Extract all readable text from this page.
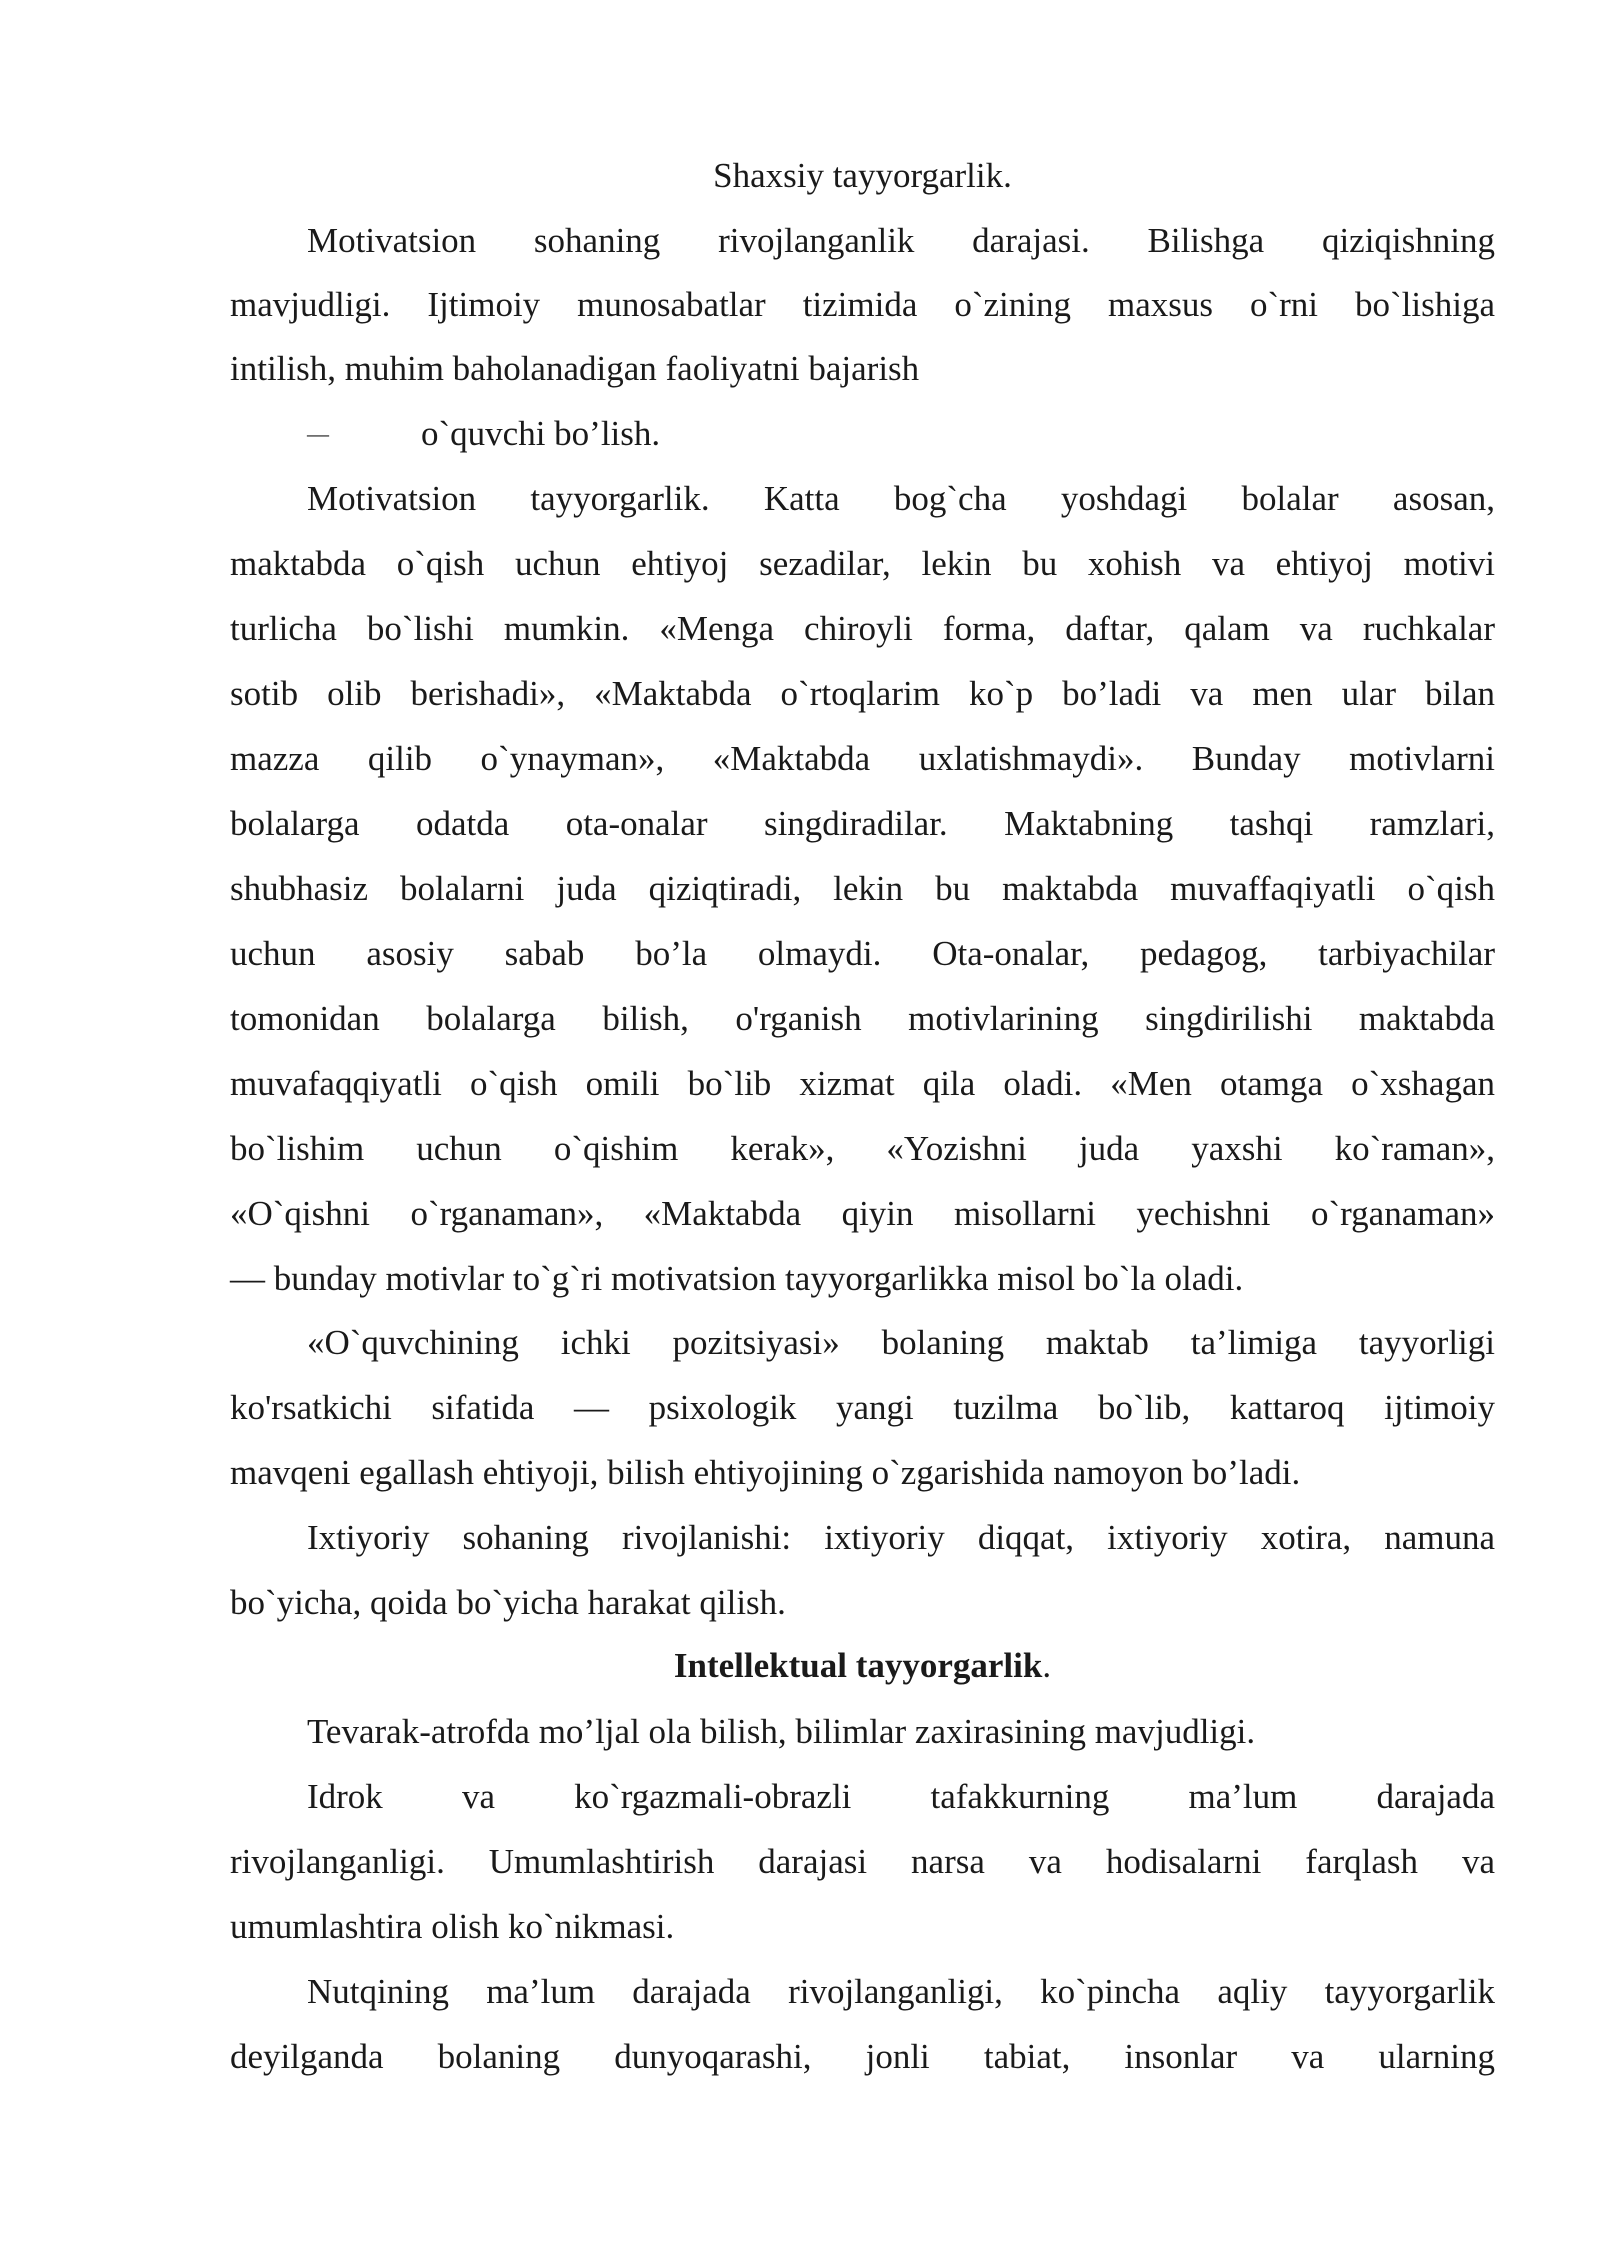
Shaxsiy tayyorgarlik.
Motivatsion sohaning rivojlanganlik darajasi. Bilishga qiziqishning
mavjudligi. Ijtimoiy munosabatlar tizimida o`zining maxsus o`rni bo`lishiga
intilish, muhim baholanadigan faoliyatni bajarish
—	o`quvchi bo’lish.
Motivatsion tayyorgarlik. Katta bog`cha yoshdagi bolalar asosan,
maktabda o`qish uchun ehtiyoj sezadilar, lekin bu xohish va ehtiyoj motivi
turlicha bo`lishi mumkin. «Menga chiroyli forma, daftar, qalam va ruchkalar
sotib olib berishadi», «Maktabda o`rtoqlarim ko`p bo’ladi va men ular bilan
mazza qilib o`ynayman», «Maktabda uxlatishmaydi». Bunday motivlarni
bolalarga odatda ota-onalar singdiradilar. Maktabning tashqi ramzlari,
shubhasiz bolalarni juda qiziqtiradi, lekin bu maktabda muvaffaqiyatli o`qish
uchun asosiy sabab bo’la olmaydi. Ota-onalar, pedagog, tarbiyachilar
tomonidan bolalarga bilish, o'rganish motivlarining singdirilishi maktabda
muvafaqqiyatli o`qish omili bo`lib xizmat qila oladi. «Men otamga o`xshagan
bo`lishim uchun o`qishim kerak», «Yozishni juda yaxshi ko`raman»,
«O`qishni o`rganaman», «Maktabda qiyin misollarni yechishni o`rganaman»
— bunday motivlar to`g`ri motivatsion tayyorgarlikka misol bo`la oladi.
«O`quvchining ichki pozitsiyasi» bolaning maktab ta’limiga tayyorligi
ko'rsatkichi sifatida — psixologik yangi tuzilma bo`lib, kattaroq ijtimoiy
mavqeni egallash ehtiyoji, bilish ehtiyojining o`zgarishida namoyon bo’ladi.
Ixtiyoriy sohaning rivojlanishi: ixtiyoriy diqqat, ixtiyoriy xotira, namuna
bo`yicha, qoida bo`yicha harakat qilish.
Intellektual tayyorgarlik.
Tevarak-atrofda mo’ljal ola bilish, bilimlar zaxirasining mavjudligi.
Idrok va ko`rgazmali-obrazli tafakkurning ma’lum darajada
rivojlanganligi. Umumlashtirish darajasi narsa va hodisalarni farqlash va
umumlashtira olish ko`nikmasi.
Nutqining ma’lum darajada rivojlanganligi, ko`pincha aqliy tayyorgarlik
deyilganda bolaning dunyoqarashi, jonli tabiat, insonlar va ularning
